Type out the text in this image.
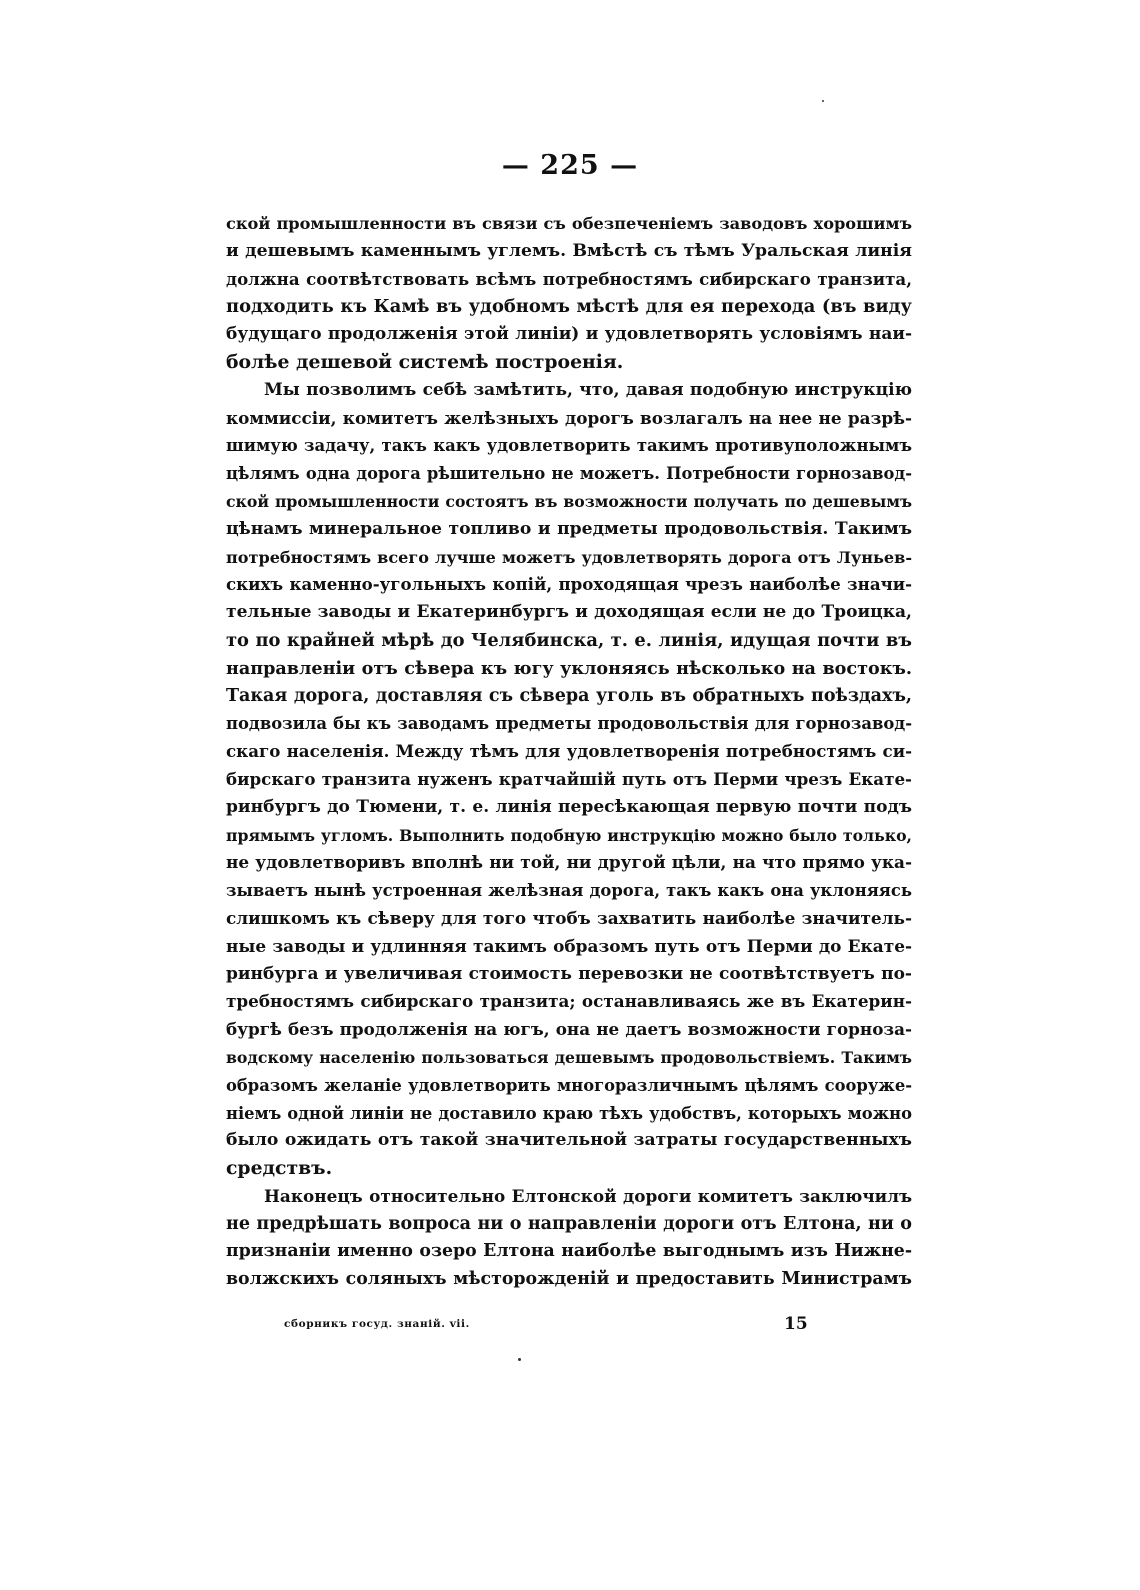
— 225 —
ской промышленности въ связи съ обезпеченіемъ заводовъ хорошимъ
и дешевымъ каменнымъ углемъ. Вмѣстѣ съ тѣмъ Уральская линія
должна соотвѣтствовать всѣмъ потребностямъ сибирскаго транзита,
подходить къ Камѣ въ удобномъ мѣстѣ для ея перехода (въ виду
будущаго продолженія этой линіи) и удовлетворять условіямъ наи-
болѣе дешевой системѣ построенія.
Мы позволимъ себѣ замѣтить, что, давая подобную инструкцію
коммиссіи, комитетъ желѣзныхъ дорогъ возлагалъ на нее не разрѣ-
шимую задачу, такъ какъ удовлетворить такимъ противуположнымъ
цѣлямъ одна дорога рѣшительно не можетъ. Потребности горнозавод-
ской промышленности состоятъ въ возможности получать по дешевымъ
цѣнамъ минеральное топливо и предметы продовольствія. Такимъ
потребностямъ всего лучше можетъ удовлетворять дорога отъ Луньев-
скихъ каменно-угольныхъ копій, проходящая чрезъ наиболѣе значи-
тельные заводы и Екатеринбургъ и доходящая если не до Троицка,
то по крайней мѣрѣ до Челябинска, т. е. линія, идущая почти въ
направленіи отъ сѣвера къ югу уклоняясь нѣсколько на востокъ.
Такая дорога, доставляя съ сѣвера уголь въ обратныхъ поѣздахъ,
подвозила бы къ заводамъ предметы продовольствія для горнозавод-
скаго населенія. Между тѣмъ для удовлетворенія потребностямъ си-
бирскаго транзита нуженъ кратчайшій путь отъ Перми чрезъ Екате-
ринбургъ до Тюмени, т. е. линія пересѣкающая первую почти подъ
прямымъ угломъ. Выполнить подобную инструкцію можно было только,
не удовлетворивъ вполнѣ ни той, ни другой цѣли, на что прямо ука-
зываетъ нынѣ устроенная желѣзная дорога, такъ какъ она уклоняясь
слишкомъ къ сѣверу для того чтобъ захватить наиболѣе значитель-
ные заводы и удлинняя такимъ образомъ путь отъ Перми до Екате-
ринбурга и увеличивая стоимость перевозки не соотвѣтствуетъ по-
требностямъ сибирскаго транзита; останавливаясь же въ Екатерин-
бургѣ безъ продолженія на югъ, она не даетъ возможности горноза-
водскому населенію пользоваться дешевымъ продовольствіемъ. Такимъ
образомъ желаніе удовлетворить многоразличнымъ цѣлямъ сооруже-
ніемъ одной линіи не доставило краю тѣхъ удобствъ, которыхъ можно
было ожидать отъ такой значительной затраты государственныхъ
средствъ.
Наконецъ относительно Елтонской дороги комитетъ заключилъ
не предрѣшать вопроса ни о направленіи дороги отъ Елтона, ни о
признаніи именно озеро Елтона наиболѣе выгоднымъ изъ Нижне-
волжскихъ соляныхъ мѣсторожденій и предоставить Министрамъ
сборникъ госуд. знаній. vii.	15
